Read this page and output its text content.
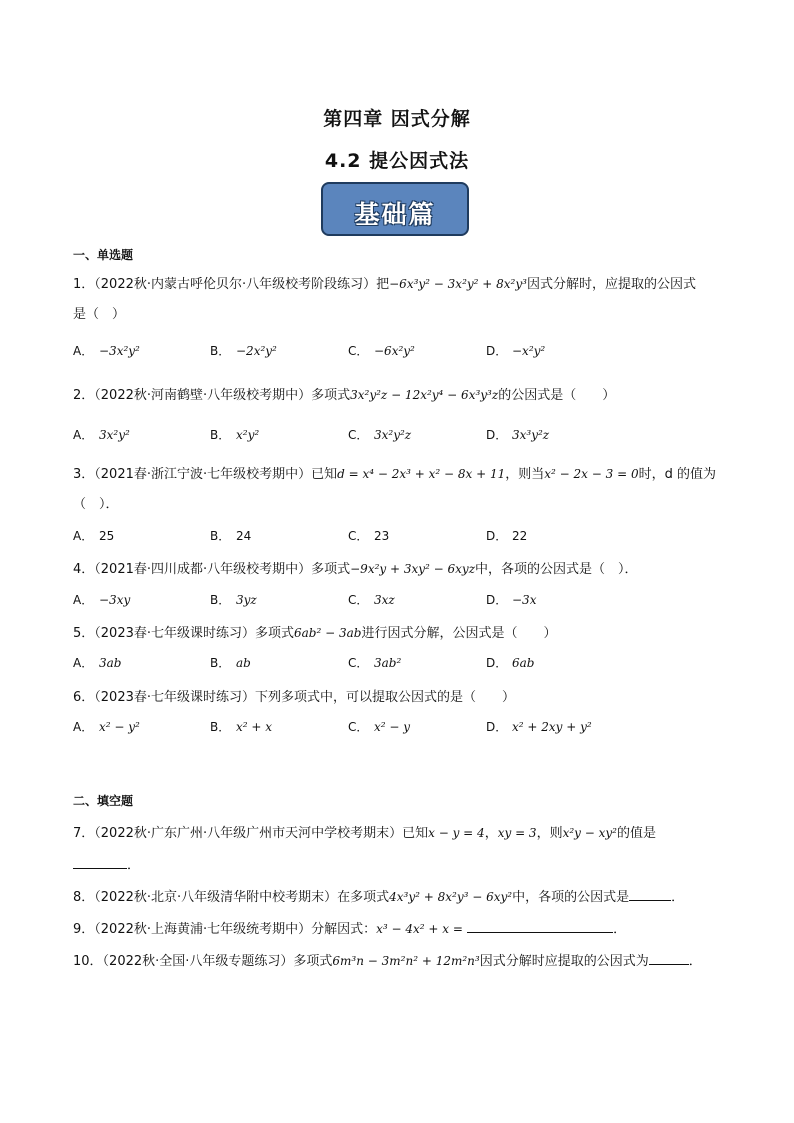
第四章 因式分解
4.2 提公因式法
基础篇
一、单选题
1．（2022秋·内蒙古呼伦贝尔·八年级校考阶段练习）把−6x³y² − 3x²y² + 8x²y³因式分解时，应提取的公因式
是（　）
A． −3x²y²	B． −2x²y²	C． −6x²y²	D． −x²y²
2．（2022秋·河南鹤壁·八年级校考期中）多项式3x²y²z − 12x²y⁴ − 6x³y³z的公因式是（　　）
A． 3x²y²	B． x²y²	C． 3x²y²z	D． 3x³y²z
3．（2021春·浙江宁波·七年级校考期中）已知d = x⁴ − 2x³ + x² − 8x + 11，则当x² − 2x − 3 = 0时，d 的值为
（　）．
A． 25	B． 24	C． 23	D． 22
4．（2021春·四川成都·八年级校考期中）多项式−9x²y + 3xy² − 6xyz中，各项的公因式是（　）．
A． −3xy	B． 3yz	C． 3xz	D． −3x
5．（2023春·七年级课时练习）多项式6ab² − 3ab进行因式分解，公因式是（　　）
A． 3ab	B． ab	C． 3ab²	D． 6ab
6．（2023春·七年级课时练习）下列多项式中，可以提取公因式的是（　　）
A． x² − y²	B． x² + x	C． x² − y	D． x² + 2xy + y²
二、填空题
7．（2022秋·广东广州·八年级广州市天河中学校考期末）已知x − y = 4，xy = 3，则x²y − xy²的值是
．
8．（2022秋·北京·八年级清华附中校考期末）在多项式4x³y² + 8x²y³ − 6xy²中，各项的公因式是	．
9．（2022秋·上海黄浦·七年级统考期中）分解因式：x³ − 4x² + x =	．
10．（2022秋·全国·八年级专题练习）多项式6m³n − 3m²n² + 12m²n³因式分解时应提取的公因式为	．
